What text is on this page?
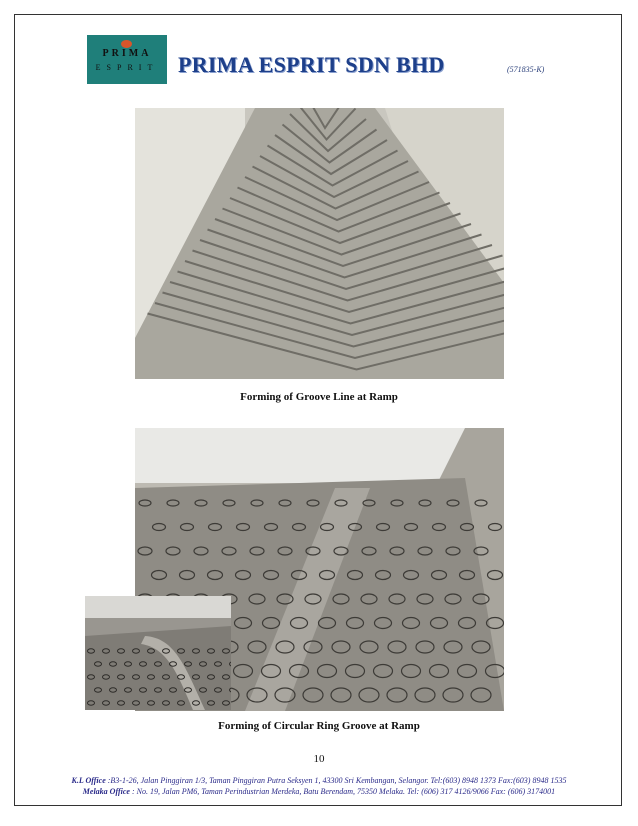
PRIMA
ESPRIT PRIMA ESPRIT SDN BHD	(571835-K)
Forming of Groove Line at Ramp
Forming of Circular Ring Groove at Ramp
10
K.L Office :B3-1-26, Jalan Pinggiran 1/3, Taman Pinggiran Putra Seksyen 1, 43300 Sri Kembangan, Selangor. Tel:(603) 8948 1373 Fax:(603) 8948 1535
Melaka Office : No. 19, Jalan PM6, Taman Perindustrian Merdeka, Batu Berendam, 75350 Melaka. Tel: (606) 317 4126/9066 Fax: (606) 3174001
